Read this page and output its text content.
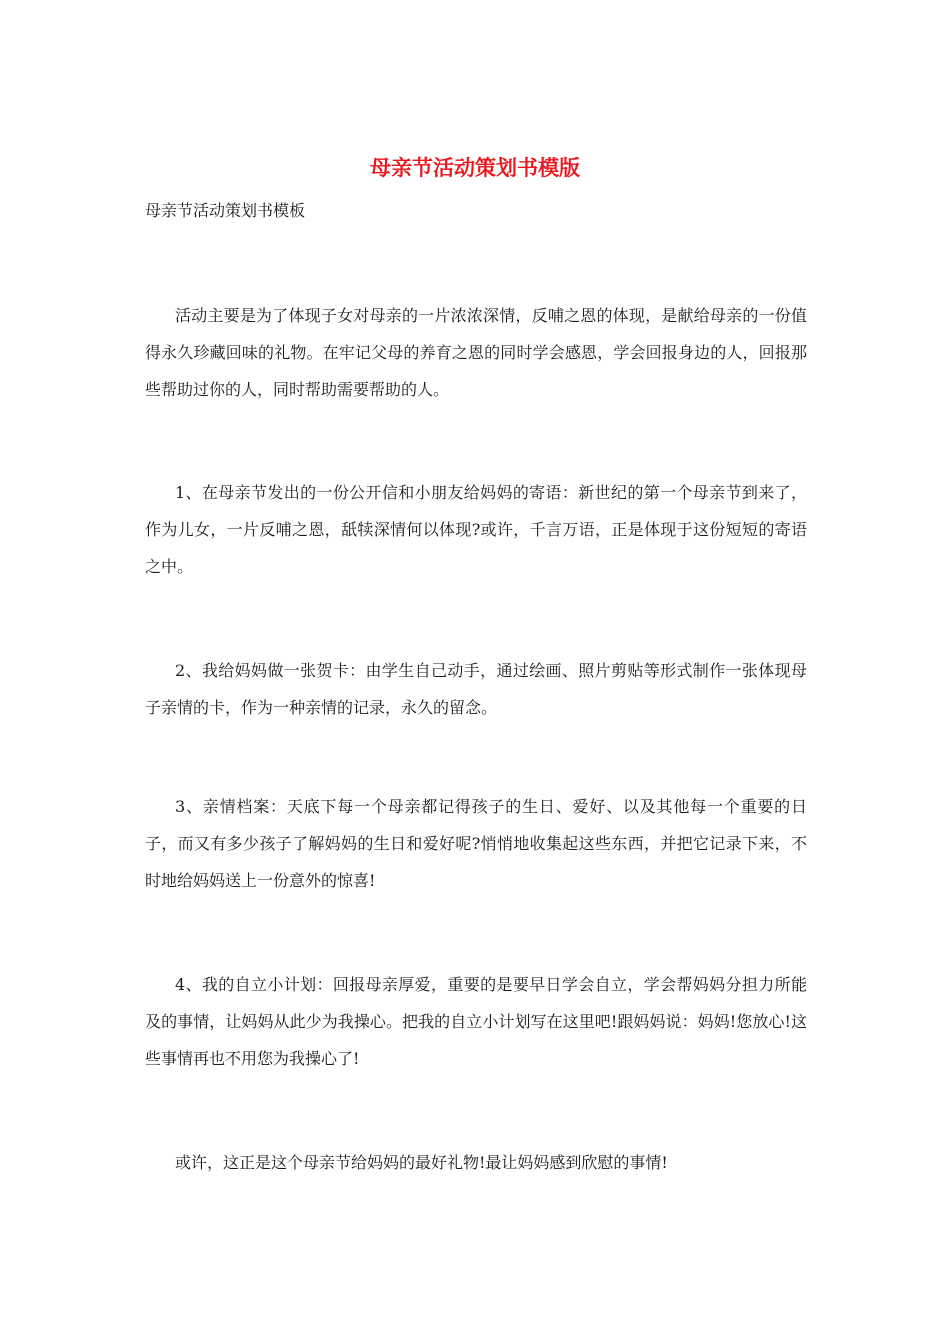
母亲节活动策划书模版

母亲节活动策划书模板

活动主要是为了体现子女对母亲的一片浓浓深情，反哺之恩的体现，是献给母亲的一份值得永久珍藏回味的礼物。在牢记父母的养育之恩的同时学会感恩，学会回报身边的人，回报那些帮助过你的人，同时帮助需要帮助的人。

1、在母亲节发出的一份公开信和小朋友给妈妈的寄语：新世纪的第一个母亲节到来了，作为儿女，一片反哺之恩，舐犊深情何以体现?或许，千言万语，正是体现于这份短短的寄语之中。

2、我给妈妈做一张贺卡：由学生自己动手，通过绘画、照片剪贴等形式制作一张体现母子亲情的卡，作为一种亲情的记录，永久的留念。

3、亲情档案：天底下每一个母亲都记得孩子的生日、爱好、以及其他每一个重要的日子，而又有多少孩子了解妈妈的生日和爱好呢?悄悄地收集起这些东西，并把它记录下来，不时地给妈妈送上一份意外的惊喜!

4、我的自立小计划：回报母亲厚爱，重要的是要早日学会自立，学会帮妈妈分担力所能及的事情，让妈妈从此少为我操心。把我的自立小计划写在这里吧!跟妈妈说：妈妈!您放心!这些事情再也不用您为我操心了!

或许，这正是这个母亲节给妈妈的最好礼物!最让妈妈感到欣慰的事情!
